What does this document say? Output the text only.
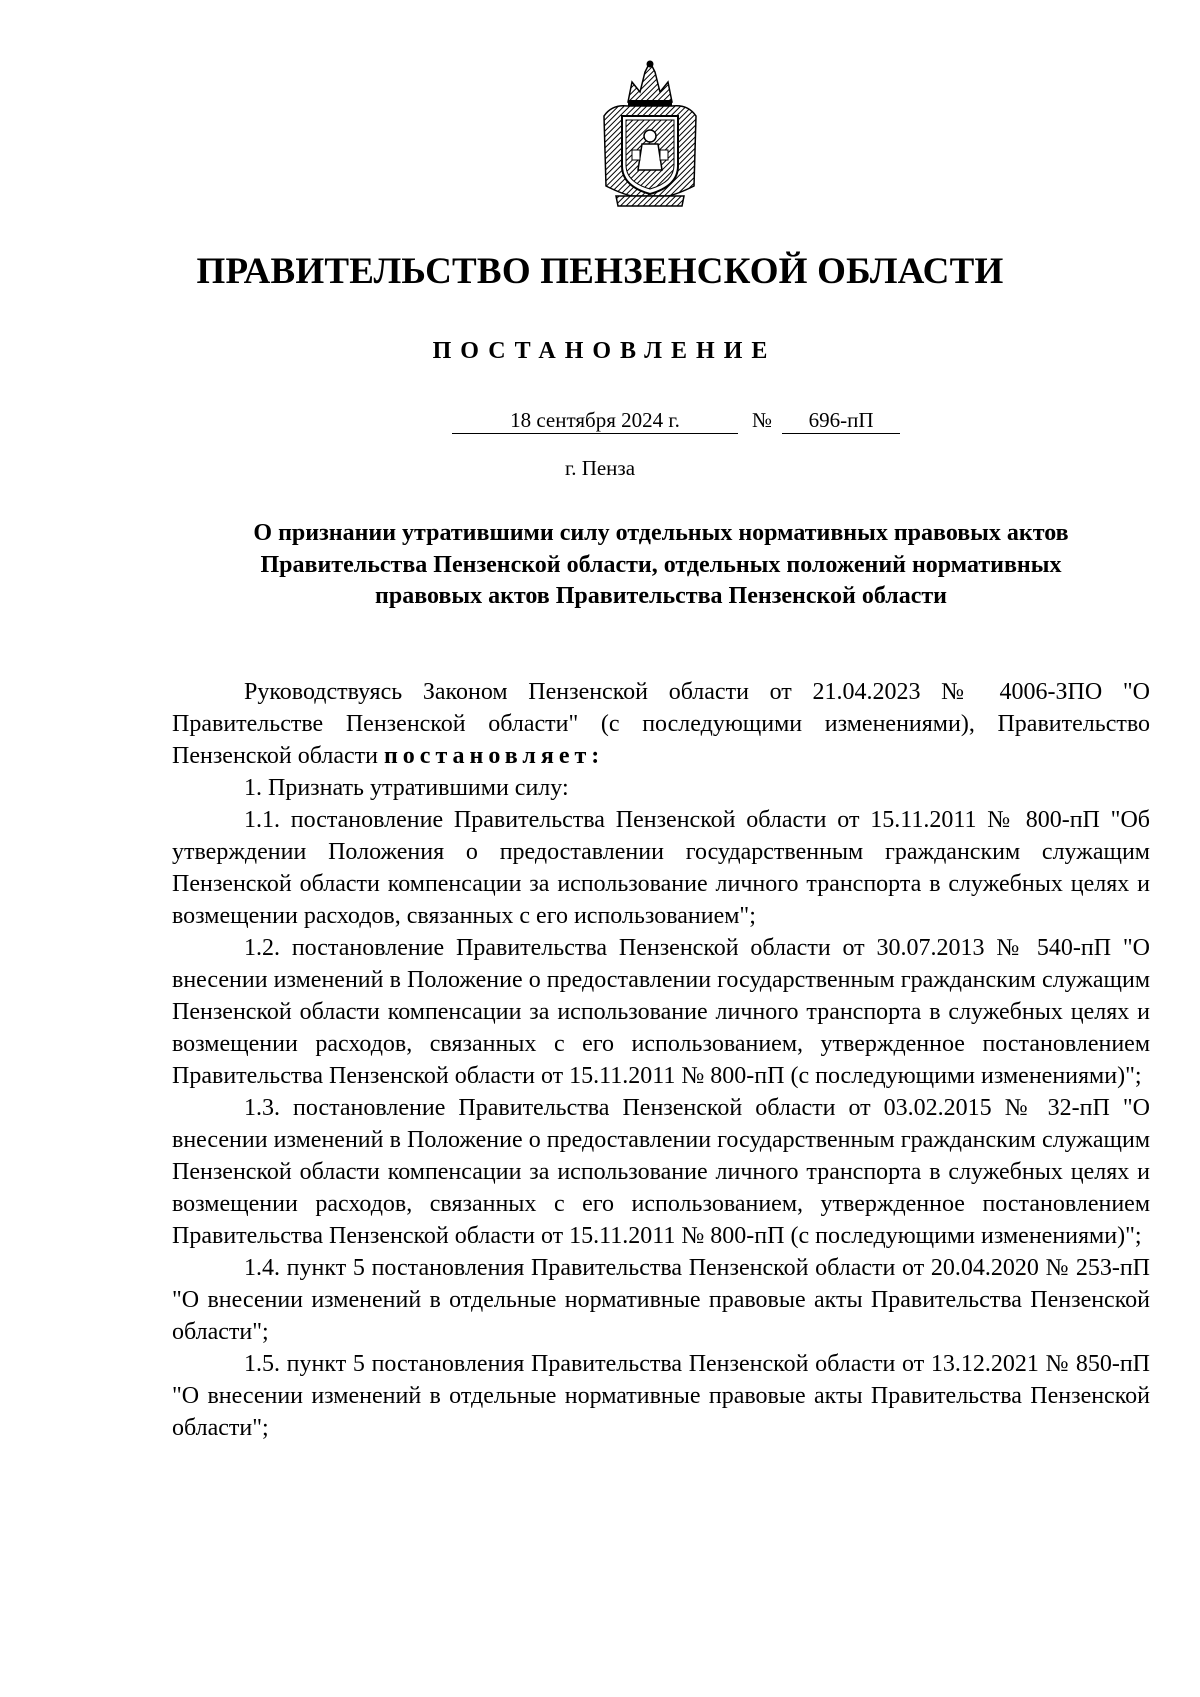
ПРАВИТЕЛЬСТВО ПЕНЗЕНСКОЙ ОБЛАСТИ
ПОСТАНОВЛЕНИЕ
18 сентября 2024 г.	№ 696-пП
г. Пенза
О признании утратившими силу отдельных нормативных правовых актов
Правительства Пензенской области, отдельных положений нормативных
правовых актов Правительства Пензенской области

Руководствуясь Законом Пензенской области от 21.04.2023 № 4006-ЗПО "О Правительстве Пензенской области" (с последующими изменениями), Правительство Пензенской области постановляет:

1. Признать утратившими силу:

1.1. постановление Правительства Пензенской области от 15.11.2011 № 800-пП "Об утверждении Положения о предоставлении государственным гражданским служащим Пензенской области компенсации за использование личного транспорта в служебных целях и возмещении расходов, связанных с его использованием";

1.2. постановление Правительства Пензенской области от 30.07.2013 № 540-пП "О внесении изменений в Положение о предоставлении государственным гражданским служащим Пензенской области компенсации за использование личного транспорта в служебных целях и возмещении расходов, связанных с его использованием, утвержденное постановлением Правительства Пензенской области от 15.11.2011 № 800-пП (с последующими изменениями)";

1.3. постановление Правительства Пензенской области от 03.02.2015 № 32-пП "О внесении изменений в Положение о предоставлении государственным гражданским служащим Пензенской области компенсации за использование личного транспорта в служебных целях и возмещении расходов, связанных с его использованием, утвержденное постановлением Правительства Пензенской области от 15.11.2011 № 800-пП (с последующими изменениями)";

1.4. пункт 5 постановления Правительства Пензенской области от 20.04.2020 № 253-пП "О внесении изменений в отдельные нормативные правовые акты Правительства Пензенской области";

1.5. пункт 5 постановления Правительства Пензенской области от 13.12.2021 № 850-пП "О внесении изменений в отдельные нормативные правовые акты Правительства Пензенской области";
